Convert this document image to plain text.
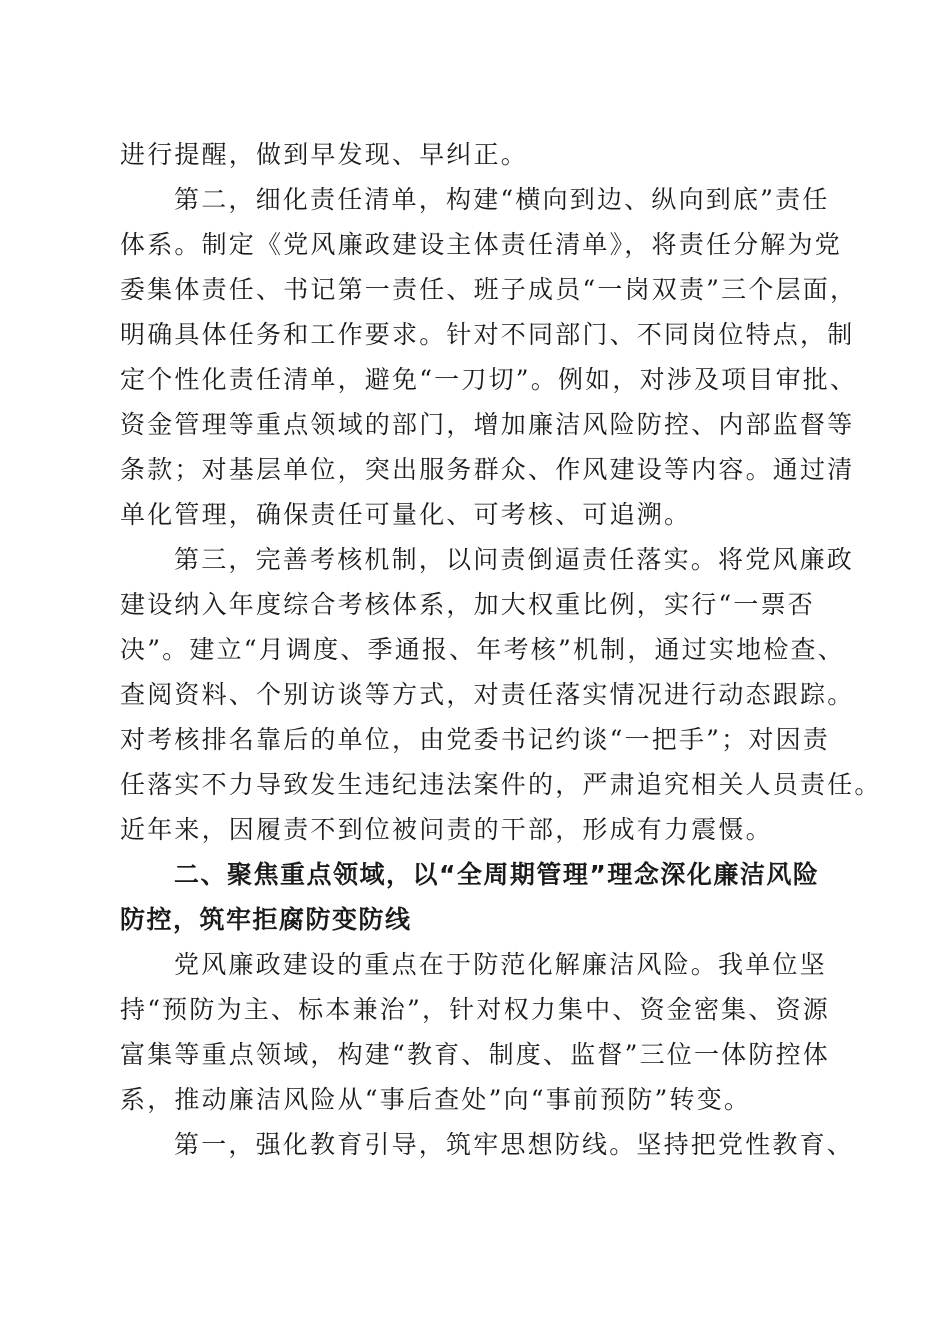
进行提醒，做到早发现、早纠正。
第二，细化责任清单，构建“横向到边、纵向到底”责任
体系。制定《党风廉政建设主体责任清单》，将责任分解为党
委集体责任、书记第一责任、班子成员“一岗双责”三个层面，
明确具体任务和工作要求。针对不同部门、不同岗位特点，制
定个性化责任清单，避免“一刀切”。例如，对涉及项目审批、
资金管理等重点领域的部门，增加廉洁风险防控、内部监督等
条款；对基层单位，突出服务群众、作风建设等内容。通过清
单化管理，确保责任可量化、可考核、可追溯。
第三，完善考核机制，以问责倒逼责任落实。将党风廉政
建设纳入年度综合考核体系，加大权重比例，实行“一票否
决”。建立“月调度、季通报、年考核”机制，通过实地检查、
查阅资料、个别访谈等方式，对责任落实情况进行动态跟踪。
对考核排名靠后的单位，由党委书记约谈“一把手”；对因责
任落实不力导致发生违纪违法案件的，严肃追究相关人员责任。
近年来，因履责不到位被问责的干部，形成有力震慑。
二、聚焦重点领域，以“全周期管理”理念深化廉洁风险
防控，筑牢拒腐防变防线
党风廉政建设的重点在于防范化解廉洁风险。我单位坚
持“预防为主、标本兼治”，针对权力集中、资金密集、资源
富集等重点领域，构建“教育、制度、监督”三位一体防控体
系，推动廉洁风险从“事后查处”向“事前预防”转变。
第一，强化教育引导，筑牢思想防线。坚持把党性教育、
